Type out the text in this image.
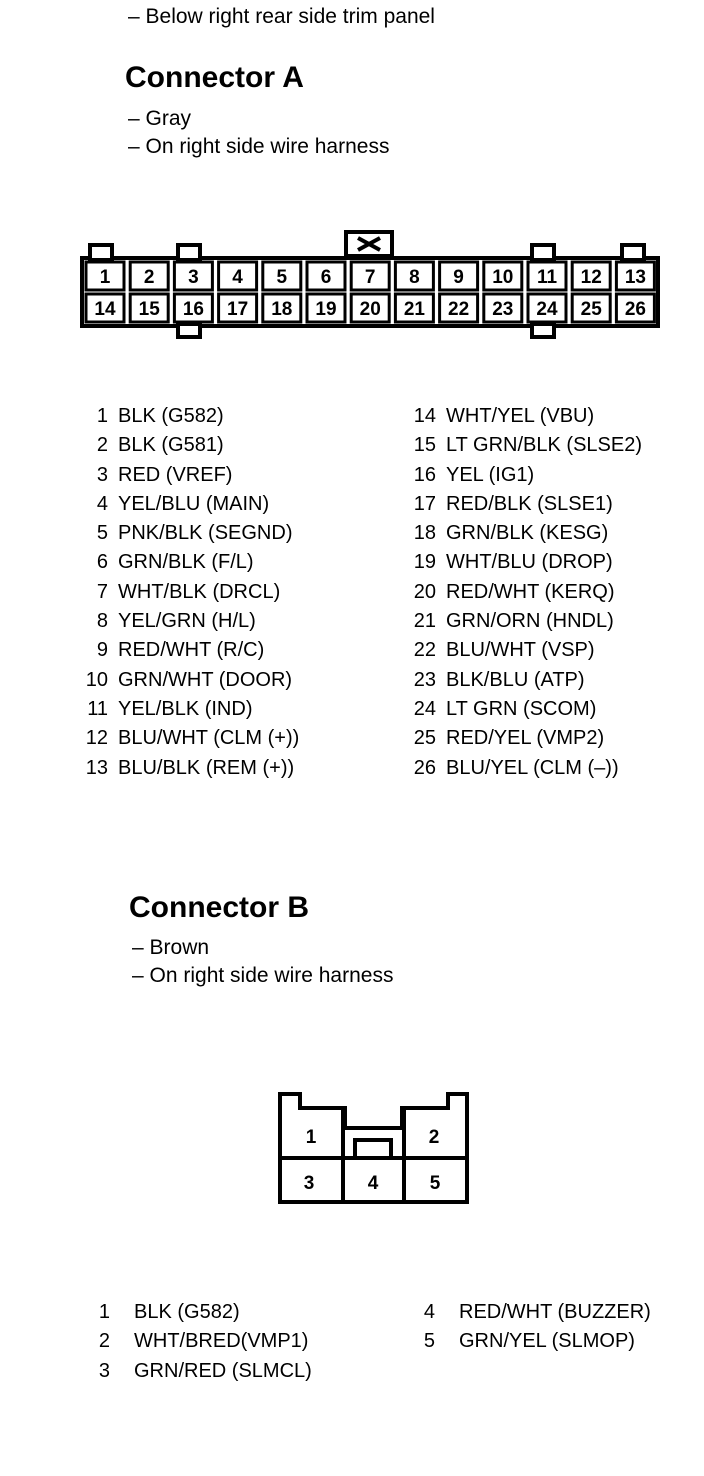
– Below right rear side trim panel
Connector A
– Gray
– On right side wire harness
1 2 3 4 5 6 7 8 9 10 11 12 13
14 15 16 17 18 19 20 21 22 23 24 25 26
1 BLK (G582)
2 BLK (G581)
3 RED (VREF)
4 YEL/BLU (MAIN)
5 PNK/BLK (SEGND)
6 GRN/BLK (F/L)
7 WHT/BLK (DRCL)
8 YEL/GRN (H/L)
9 RED/WHT (R/C)
10 GRN/WHT (DOOR)
11 YEL/BLK (IND)
12 BLU/WHT (CLM (+))
13 BLU/BLK (REM (+))
14 WHT/YEL (VBU)
15 LT GRN/BLK (SLSE2)
16 YEL (IG1)
17 RED/BLK (SLSE1)
18 GRN/BLK (KESG)
19 WHT/BLU (DROP)
20 RED/WHT (KERQ)
21 GRN/ORN (HNDL)
22 BLU/WHT (VSP)
23 BLK/BLU (ATP)
24 LT GRN (SCOM)
25 RED/YEL (VMP2)
26 BLU/YEL (CLM (–))
Connector B
– Brown
– On right side wire harness
1	2
3	4	5
1 BLK (G582)
2 WHT/BRED(VMP1)
3 GRN/RED (SLMCL)
4 RED/WHT (BUZZER)
5 GRN/YEL (SLMOP)
